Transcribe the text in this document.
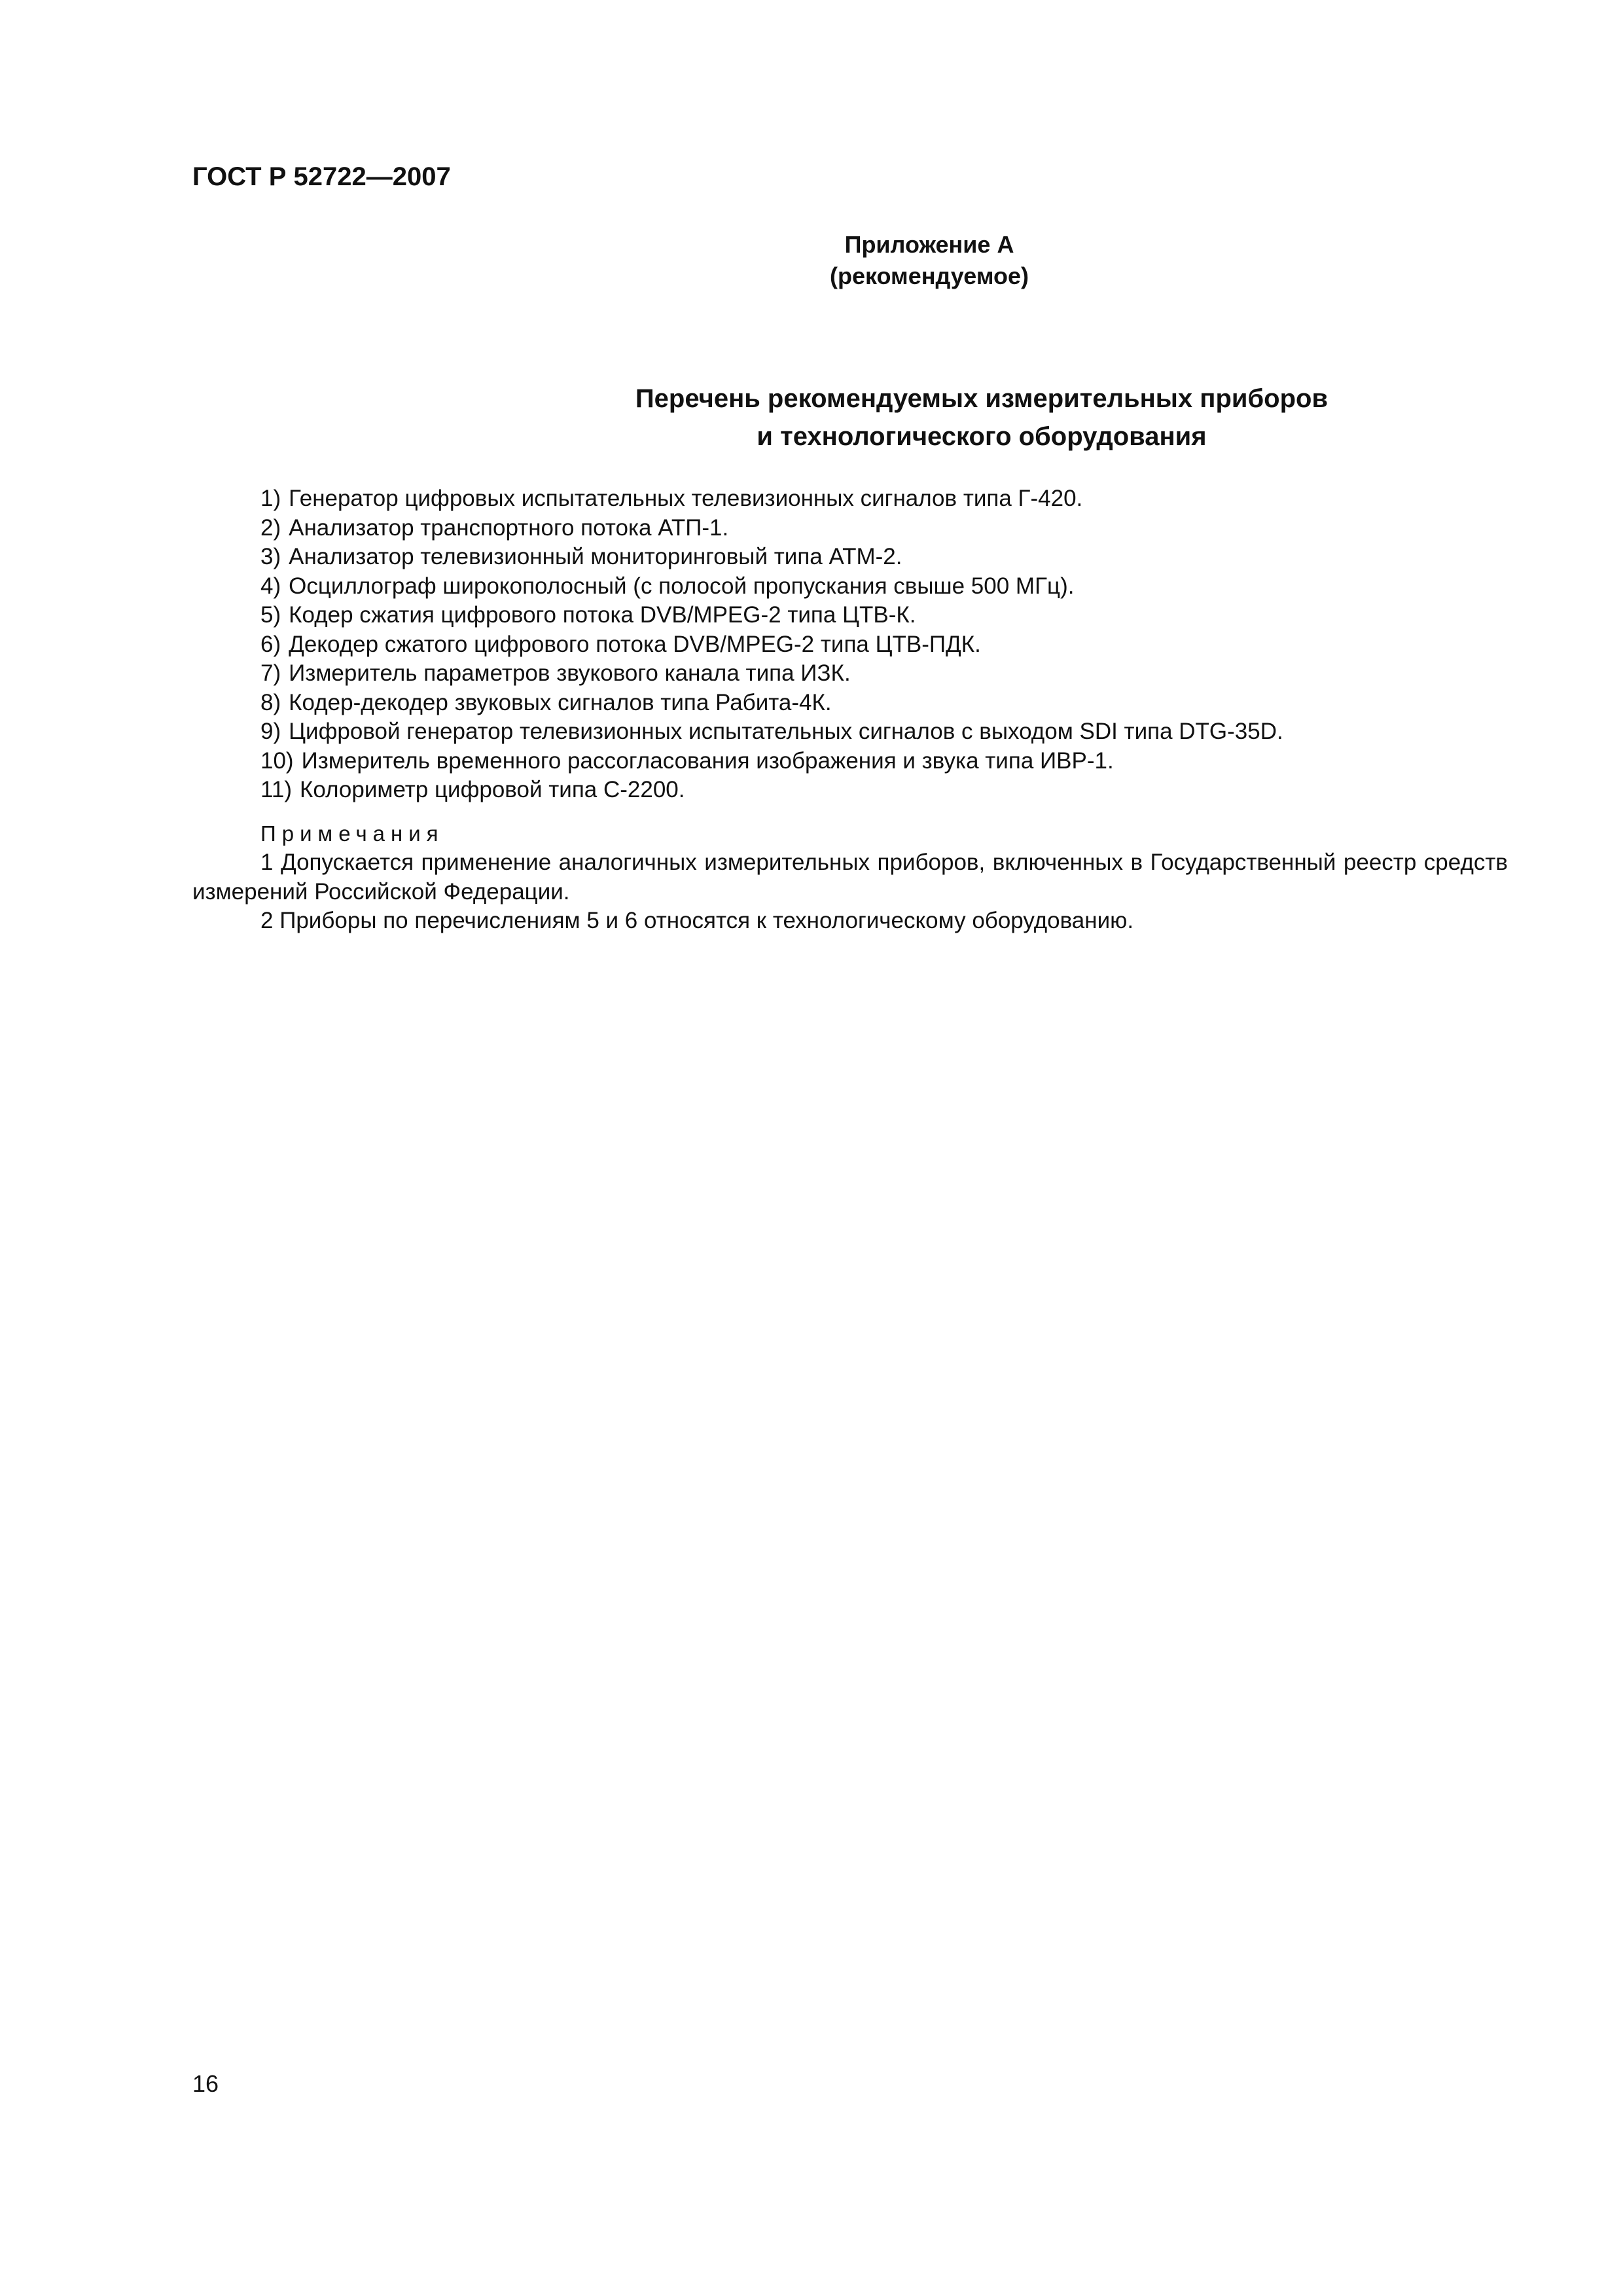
ГОСТ Р 52722—2007
Приложение А
(рекомендуемое)
Перечень рекомендуемых измерительных приборов
и технологического оборудования
1) Генератор цифровых испытательных телевизионных сигналов типа Г-420.
2) Анализатор транспортного потока АТП-1.
3) Анализатор телевизионный мониторинговый типа АТМ-2.
4) Осциллограф широкополосный (с полосой пропускания свыше 500 МГц).
5) Кодер сжатия цифрового потока DVB/MPEG-2 типа ЦТВ-К.
6) Декодер сжатого цифрового потока DVB/MPEG-2 типа ЦТВ-ПДК.
7) Измеритель параметров звукового канала типа ИЗК.
8) Кодер-декодер звуковых сигналов типа Рабита-4К.
9) Цифровой генератор телевизионных испытательных сигналов с выходом SDI типа DTG-35D.
10) Измеритель временного рассогласования изображения и звука типа ИВР-1.
11) Колориметр цифровой типа С-2200.
Примечания

1 Допускается применение аналогичных измерительных приборов, включенных в Государственный реестр средств измерений Российской Федерации.

2 Приборы по перечислениям 5 и 6 относятся к технологическому оборудованию.

16
